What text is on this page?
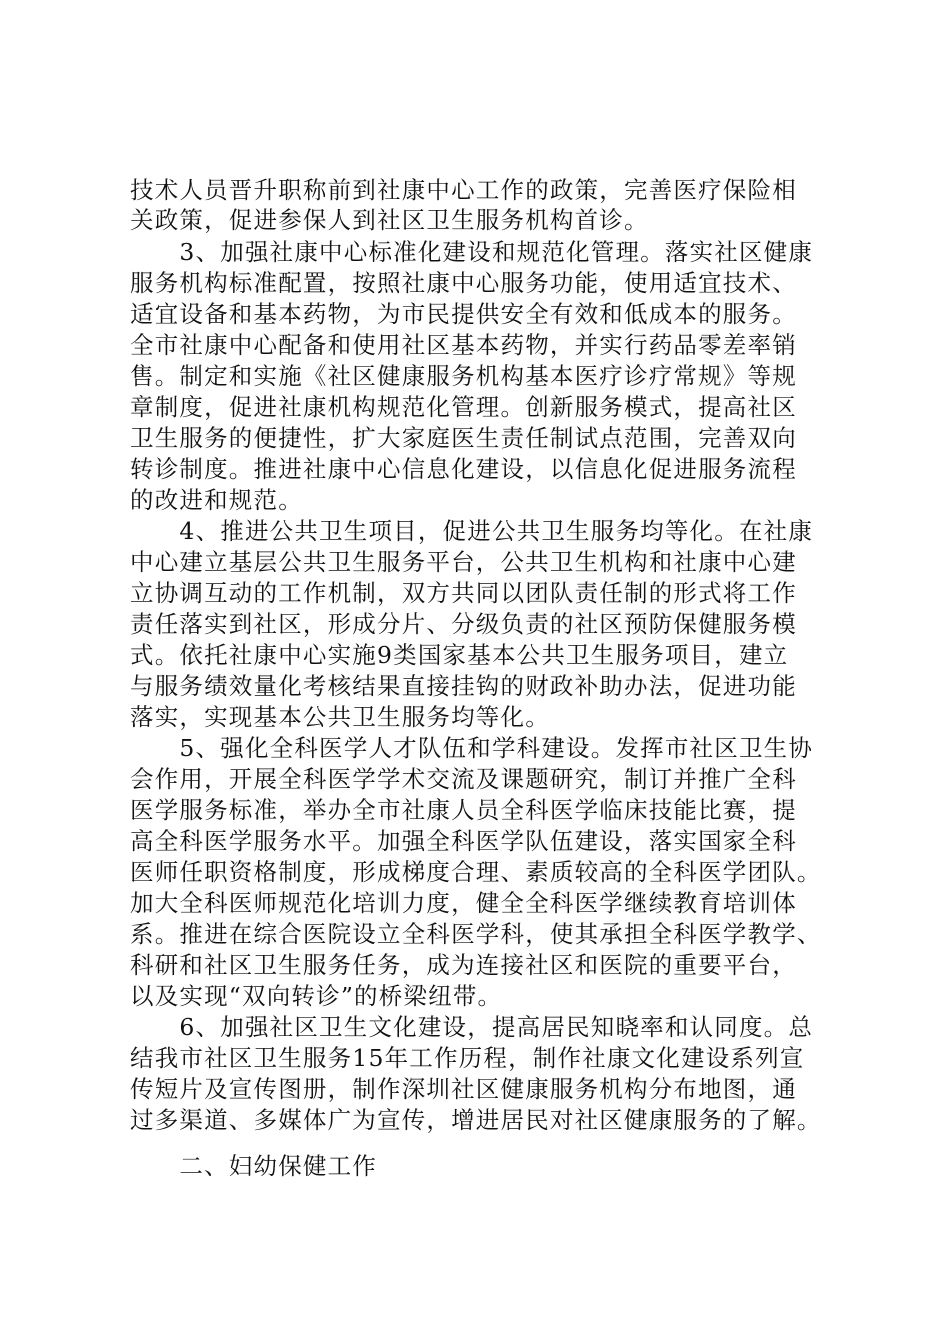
技术人员晋升职称前到社康中心工作的政策，完善医疗保险相
关政策，促进参保人到社区卫生服务机构首诊。
　　3、加强社康中心标准化建设和规范化管理。落实社区健康
服务机构标准配置，按照社康中心服务功能，使用适宜技术、
适宜设备和基本药物，为市民提供安全有效和低成本的服务。
全市社康中心配备和使用社区基本药物，并实行药品零差率销
售。制定和实施《社区健康服务机构基本医疗诊疗常规》等规
章制度，促进社康机构规范化管理。创新服务模式，提高社区
卫生服务的便捷性，扩大家庭医生责任制试点范围，完善双向
转诊制度。推进社康中心信息化建设，以信息化促进服务流程
的改进和规范。
　　4、推进公共卫生项目，促进公共卫生服务均等化。在社康
中心建立基层公共卫生服务平台，公共卫生机构和社康中心建
立协调互动的工作机制，双方共同以团队责任制的形式将工作
责任落实到社区，形成分片、分级负责的社区预防保健服务模
式。依托社康中心实施9类国家基本公共卫生服务项目，建立
与服务绩效量化考核结果直接挂钩的财政补助办法，促进功能
落实，实现基本公共卫生服务均等化。
　　5、强化全科医学人才队伍和学科建设。发挥市社区卫生协
会作用，开展全科医学学术交流及课题研究，制订并推广全科
医学服务标准，举办全市社康人员全科医学临床技能比赛，提
高全科医学服务水平。加强全科医学队伍建设，落实国家全科
医师任职资格制度，形成梯度合理、素质较高的全科医学团队。
加大全科医师规范化培训力度，健全全科医学继续教育培训体
系。推进在综合医院设立全科医学科，使其承担全科医学教学、
科研和社区卫生服务任务，成为连接社区和医院的重要平台，
以及实现“双向转诊”的桥梁纽带。
　　6、加强社区卫生文化建设，提高居民知晓率和认同度。总
结我市社区卫生服务15年工作历程，制作社康文化建设系列宣
传短片及宣传图册，制作深圳社区健康服务机构分布地图，通
过多渠道、多媒体广为宣传，增进居民对社区健康服务的了解。
　　二、妇幼保健工作
